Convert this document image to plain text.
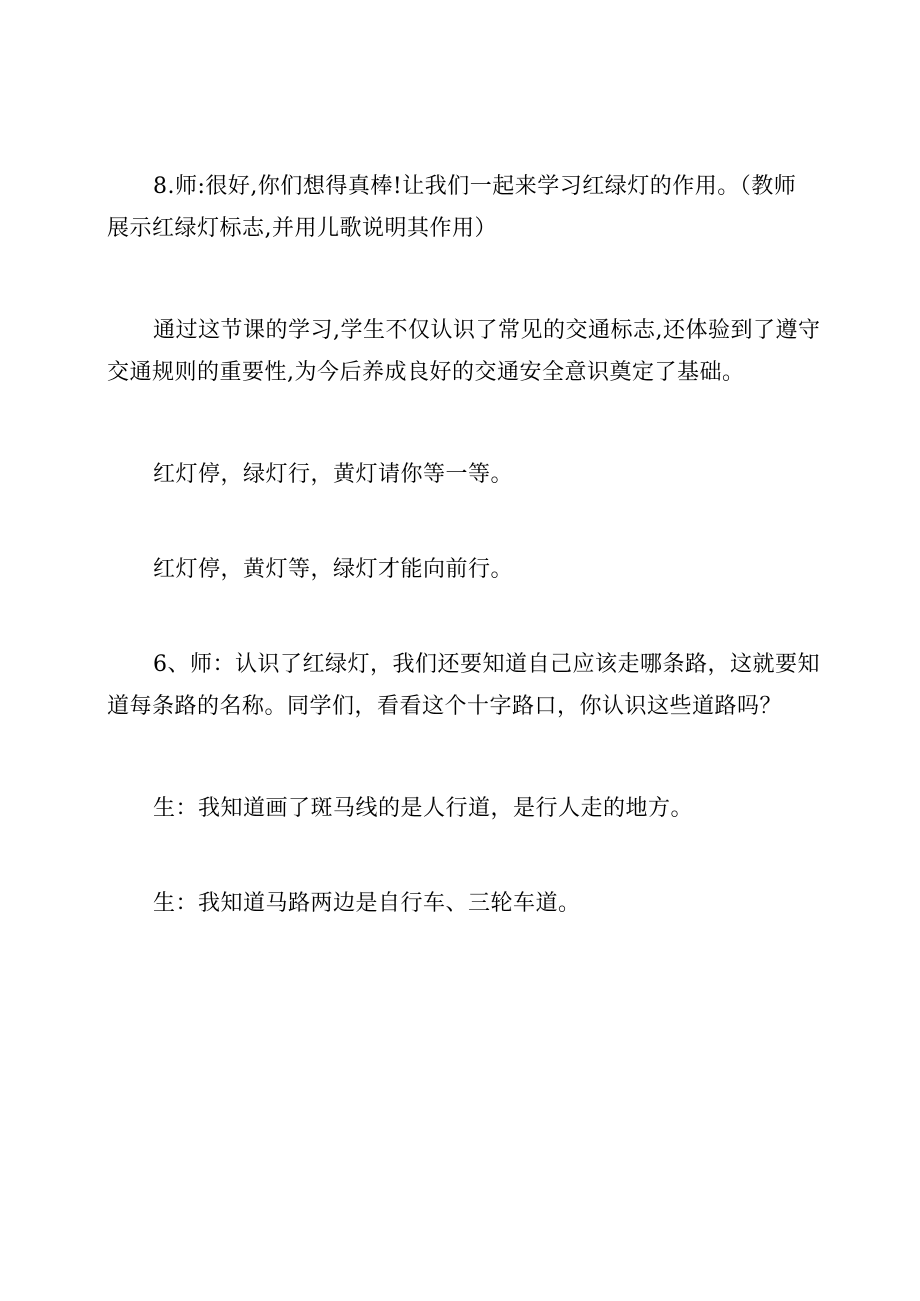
8.师:很好,你们想得真棒!让我们一起来学习红绿灯的作用。（教师
展示红绿灯标志,并用儿歌说明其作用）

通过这节课的学习,学生不仅认识了常见的交通标志,还体验到了遵守
交通规则的重要性,为今后养成良好的交通安全意识奠定了基础。

红灯停，绿灯行，黄灯请你等一等。

红灯停，黄灯等，绿灯才能向前行。

6、师：认识了红绿灯，我们还要知道自己应该走哪条路，这就要知
道每条路的名称。同学们，看看这个十字路口，你认识这些道路吗？

生：我知道画了斑马线的是人行道，是行人走的地方。

生：我知道马路两边是自行车、三轮车道。
